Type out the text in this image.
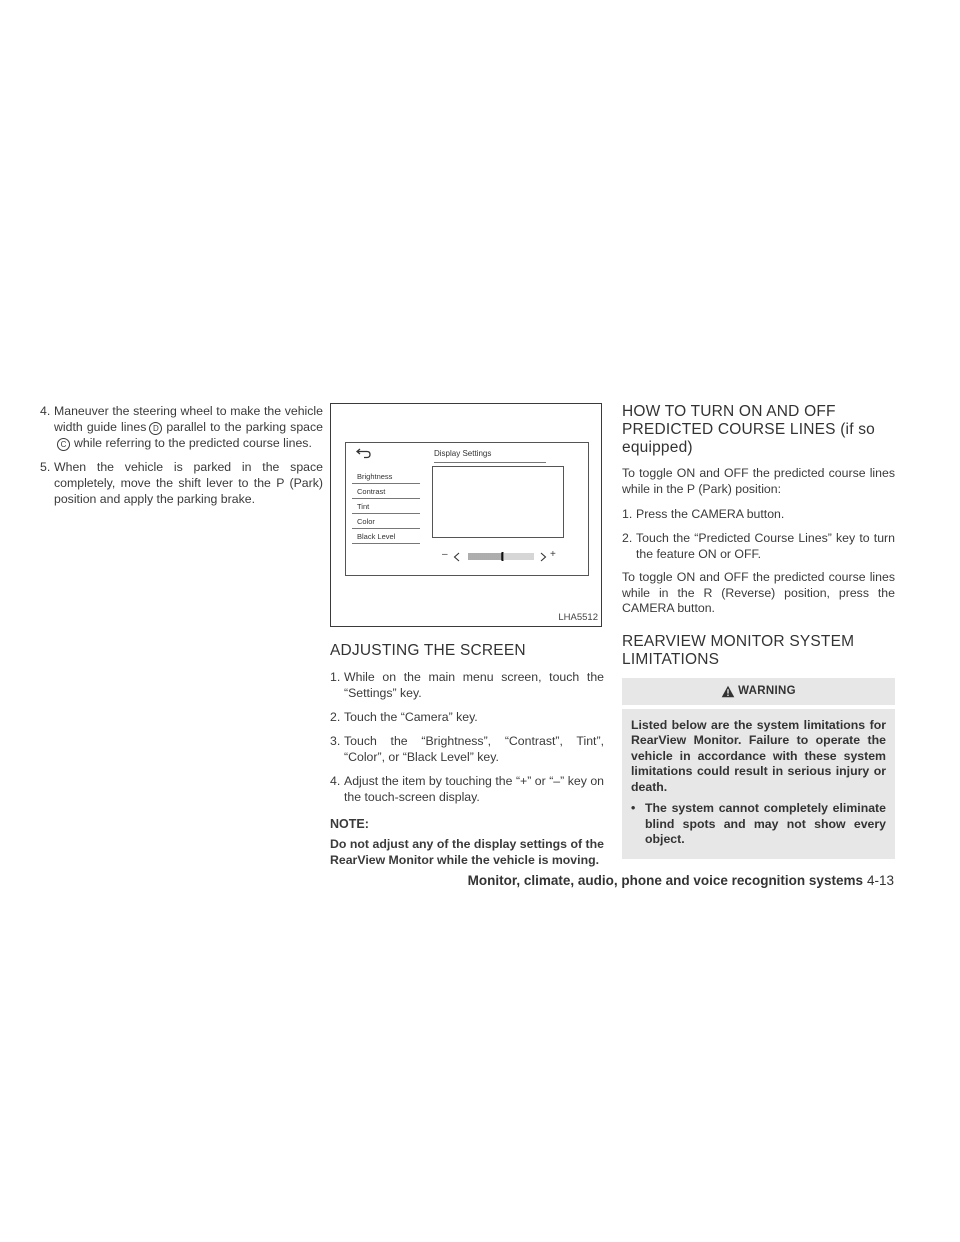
4. Maneuver the steering wheel to make the vehicle width guide lines D parallel to the parking spaceC while referring to the predicted course lines.

5. When the vehicle is parked in the space completely, move the shift lever to the P (Park) position and apply the parking brake.

Display Settings
Brightness
Contrast
Tint
Color
Black Level
–	+
LHA5512
ADJUSTING THE SCREEN

1. While on the main menu screen, touch the “Settings” key.

2. Touch the “Camera” key.

3. Touch the “Brightness”, “Contrast”, Tint”, “Color”, or “Black Level” key.

4. Adjust the item by touching the “+” or “–” key on the touch-screen display.

NOTE:

Do not adjust any of the display settings of the RearView Monitor while the vehicle is moving.

HOW TO TURN ON AND OFF PREDICTED COURSE LINES (if so equipped)

To toggle ON and OFF the predicted course lines while in the P (Park) position:

1. Press the CAMERA button.

2. Touch the “Predicted Course Lines” key to turn the feature ON or OFF.

To toggle ON and OFF the predicted course lines while in the R (Reverse) position, press the CAMERA button.

REARVIEW MONITOR SYSTEM LIMITATIONS
WARNING

Listed below are the system limitations for RearView Monitor. Failure to operate the vehicle in accordance with these system limitations could result in serious injury or death.

• The system cannot completely eliminate blind spots and may not show every object.

Monitor, climate, audio, phone and voice recognition systems 4-13
